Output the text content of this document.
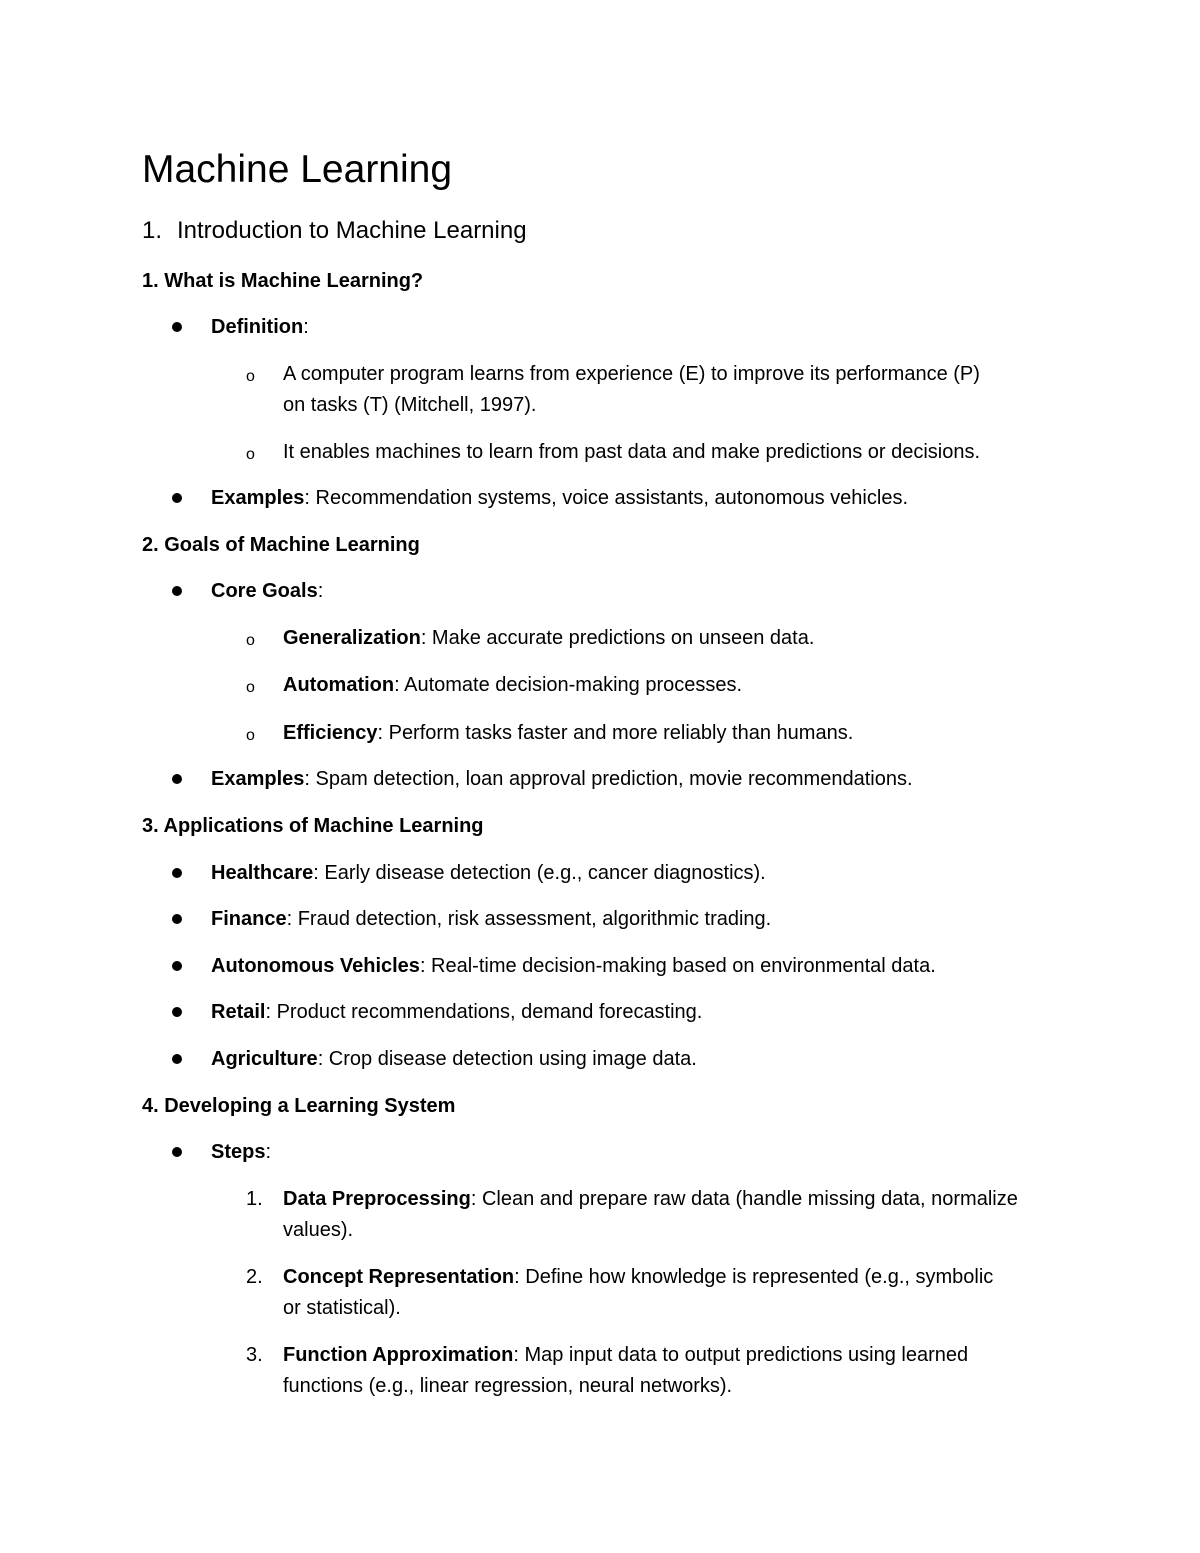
Machine Learning
1. Introduction to Machine Learning
1. What is Machine Learning?
Definition:
o A computer program learns from experience (E) to improve its performance (P)
on tasks (T) (Mitchell, 1997).
o It enables machines to learn from past data and make predictions or decisions.
Examples: Recommendation systems, voice assistants, autonomous vehicles.
2. Goals of Machine Learning
Core Goals:
o Generalization: Make accurate predictions on unseen data.
o Automation: Automate decision-making processes.
o Efficiency: Perform tasks faster and more reliably than humans.
Examples: Spam detection, loan approval prediction, movie recommendations.
3. Applications of Machine Learning
Healthcare: Early disease detection (e.g., cancer diagnostics).
Finance: Fraud detection, risk assessment, algorithmic trading.
Autonomous Vehicles: Real-time decision-making based on environmental data.
Retail: Product recommendations, demand forecasting.
Agriculture: Crop disease detection using image data.
4. Developing a Learning System
Steps:
1. Data Preprocessing: Clean and prepare raw data (handle missing data, normalize
values).
2. Concept Representation: Define how knowledge is represented (e.g., symbolic
or statistical).
3. Function Approximation: Map input data to output predictions using learned
functions (e.g., linear regression, neural networks).
